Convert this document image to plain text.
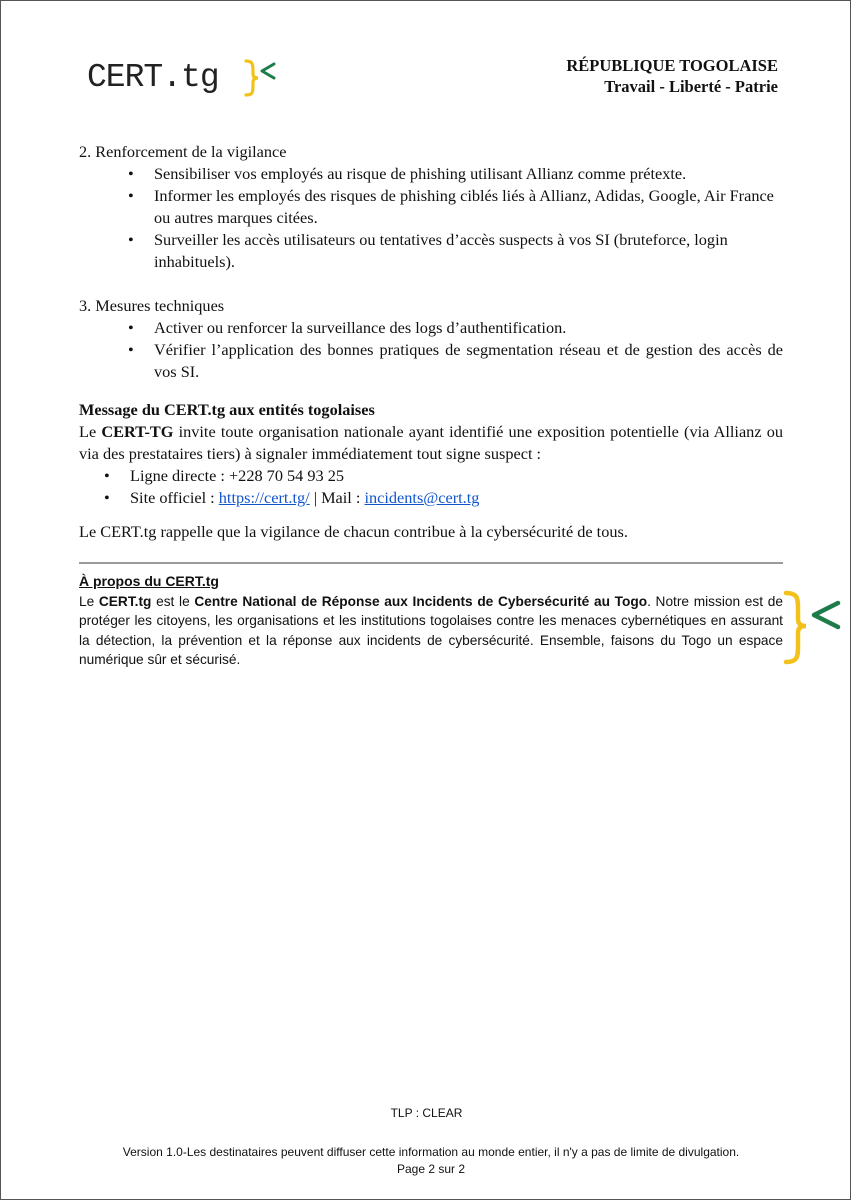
CERT.tg	RÉPUBLIQUE TOGOLAISE
Travail - Liberté - Patrie

2. Renforcement de la vigilance

• Sensibiliser vos employés au risque de phishing utilisant Allianz comme prétexte.
• Informer les employés des risques de phishing ciblés liés à Allianz, Adidas, Google, Air France ou autres marques citées.
• Surveiller les accès utilisateurs ou tentatives d’accès suspects à vos SI (bruteforce, login inhabituels).

3. Mesures techniques

• Activer ou renforcer la surveillance des logs d’authentification.
• Vérifier l’application des bonnes pratiques de segmentation réseau et de gestion des accès de vos SI.

Message du CERT.tg aux entités togolaises

Le CERT-TG invite toute organisation nationale ayant identifié une exposition potentielle (via Allianz ou via des prestataires tiers) à signaler immédiatement tout signe suspect :

• Ligne directe : +228 70 54 93 25
• Site officiel : https://cert.tg/ | Mail : incidents@cert.tg

Le CERT.tg rappelle que la vigilance de chacun contribue à la cybersécurité de tous.

À propos du CERT.tg
Le CERT.tg est le Centre National de Réponse aux Incidents de Cybersécurité au Togo. Notre mission est de protéger les citoyens, les organisations et les institutions togolaises contre les menaces cybernétiques en assurant la détection, la prévention et la réponse aux incidents de cybersécurité. Ensemble, faisons du Togo un espace numérique sûr et sécurisé.
TLP : CLEAR
Version 1.0-Les destinataires peuvent diffuser cette information au monde entier, il n'y a pas de limite de divulgation.
Page 2 sur 2
